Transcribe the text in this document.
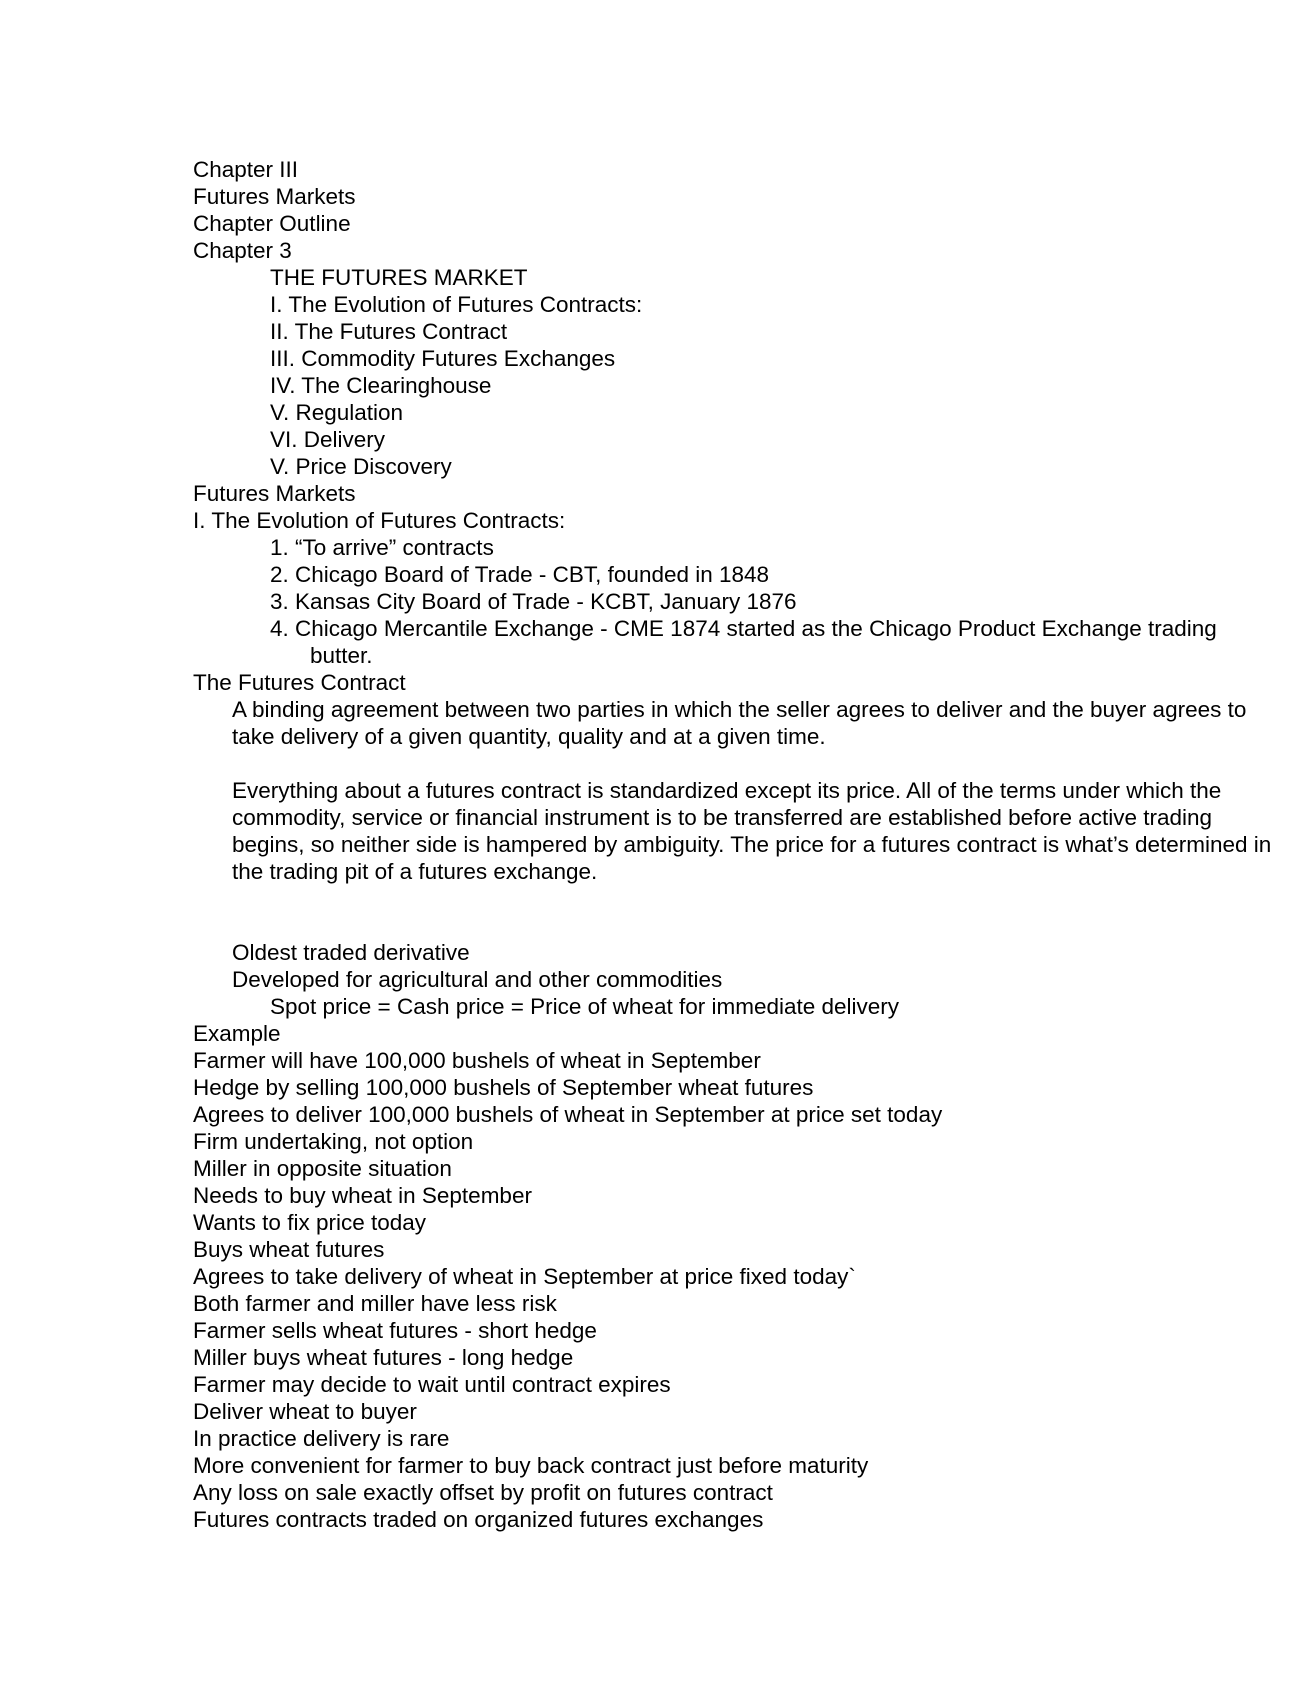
Chapter III
Futures Markets
Chapter Outline
Chapter 3
THE FUTURES MARKET
I. The Evolution of Futures Contracts:
II. The Futures Contract
III. Commodity Futures Exchanges
IV. The Clearinghouse
V. Regulation
VI. Delivery
V. Price Discovery
Futures Markets
I. The Evolution of Futures Contracts:
1. “To arrive” contracts
2. Chicago Board of Trade - CBT, founded in 1848
3. Kansas City Board of Trade - KCBT, January 1876
4. Chicago Mercantile Exchange - CME 1874 started as the Chicago Product Exchange trading
butter.
The Futures Contract
A binding agreement between two parties in which the seller agrees to deliver and the buyer agrees to take delivery of a given quantity, quality and at a given time.
Everything about a futures contract is standardized except its price. All of the terms under which the commodity, service or financial instrument is to be transferred are established before active trading begins, so neither side is hampered by ambiguity. The price for a futures contract is what’s determined in the trading pit of a futures exchange.
Oldest traded derivative
Developed for agricultural and other commodities
Spot price = Cash price = Price of wheat for immediate delivery
Example
Farmer will have 100,000 bushels of wheat in September
Hedge by selling 100,000 bushels of September wheat futures
Agrees to deliver 100,000 bushels of wheat in September at price set today
Firm undertaking, not option
Miller in opposite situation
Needs to buy wheat in September
Wants to fix price today
Buys wheat futures
Agrees to take delivery of wheat in September at price fixed today`
Both farmer and miller have less risk
Farmer sells wheat futures - short hedge
Miller buys wheat futures - long hedge
Farmer may decide to wait until contract expires
Deliver wheat to buyer
In practice delivery is rare
More convenient for farmer to buy back contract just before maturity
Any loss on sale exactly offset by profit on futures contract
Futures contracts traded on organized futures exchanges
